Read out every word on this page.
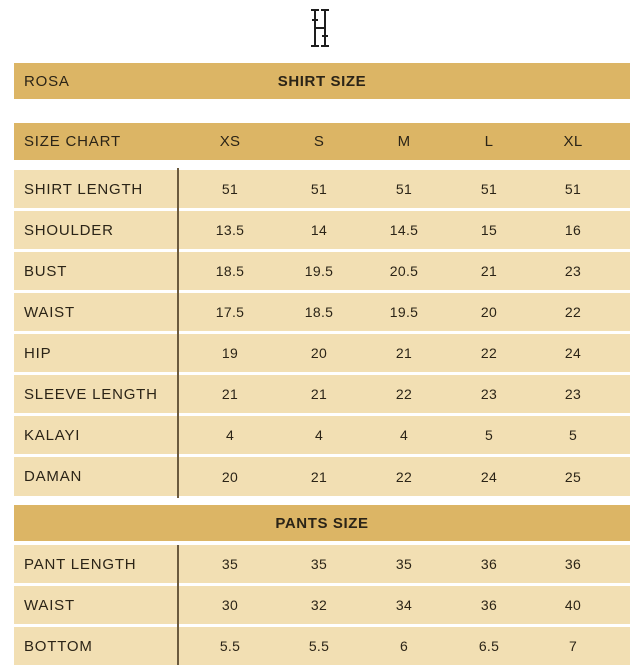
ROSA	SHIRT SIZE
SIZE CHART	XS	S	M	L	XL
SHIRT LENGTH	51	51	51	51	51
SHOULDER	13.5	14	14.5	15	16
BUST	18.5	19.5	20.5	21	23
WAIST	17.5	18.5	19.5	20	22
HIP	19	20	21	22	24
SLEEVE LENGTH	21	21	22	23	23
KALAYI	4	4	4	5	5
DAMAN	20	21	22	24	25
PANTS SIZE
PANT LENGTH	35	35	35	36	36
WAIST	30	32	34	36	40
BOTTOM	5.5	5.5	6	6.5	7
